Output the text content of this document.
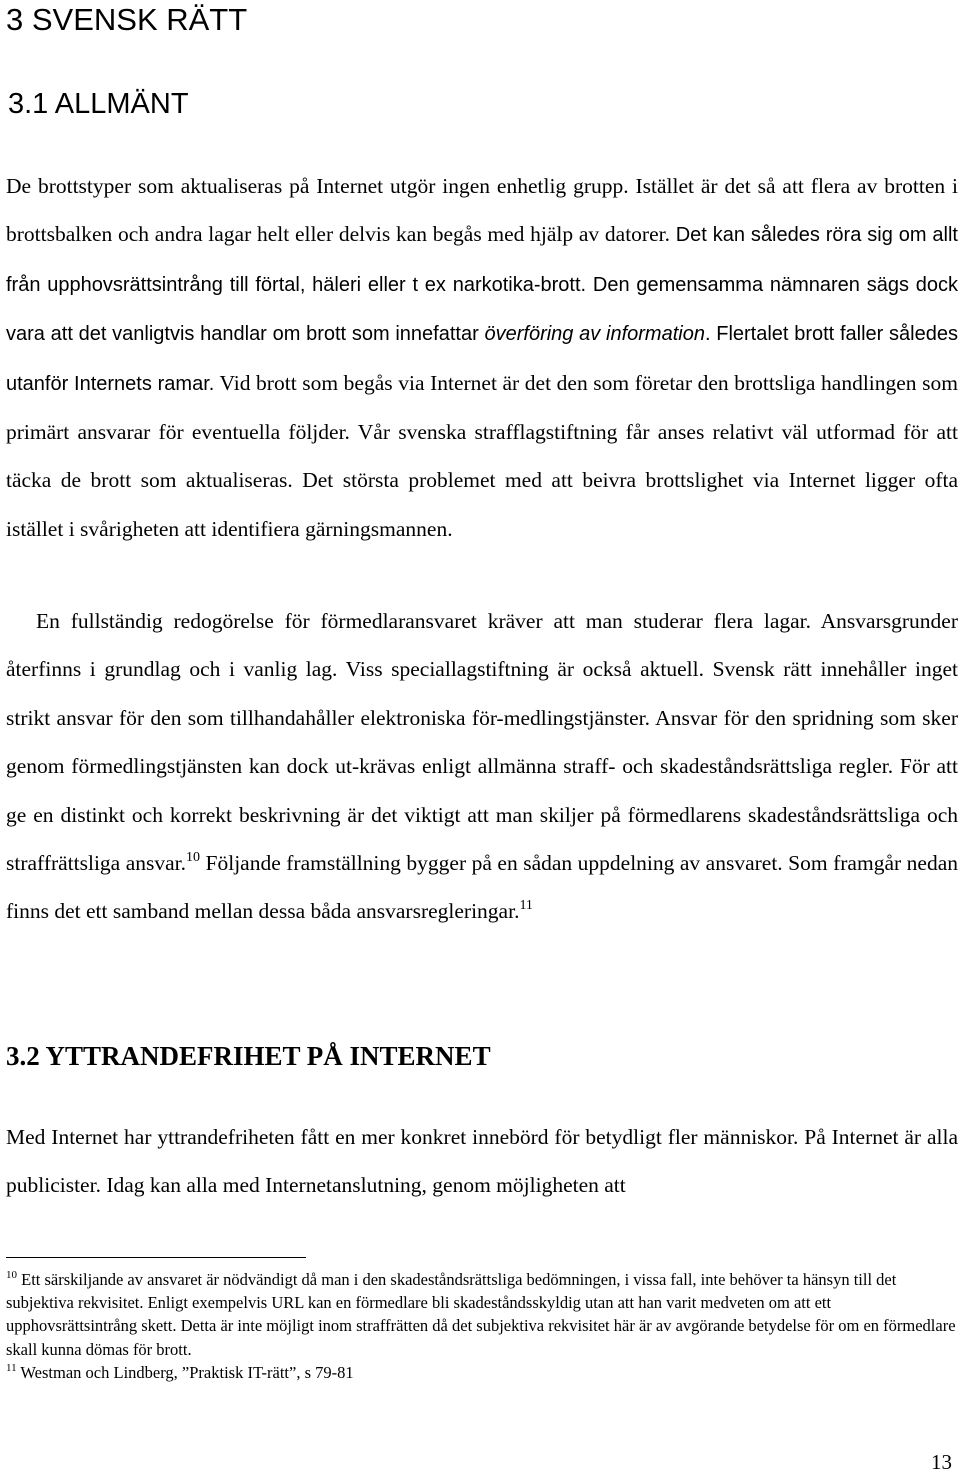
3 SVENSK RÄTT
3.1 ALLMÄNT

De brottstyper som aktualiseras på Internet utgör ingen enhetlig grupp. Istället är det så att flera av brotten i brottsbalken och andra lagar helt eller delvis kan begås med hjälp av datorer. Det kan således röra sig om allt från upphovsrättsintrång till förtal, häleri eller t ex narkotika-brott. Den gemensamma nämnaren sägs dock vara att det vanligtvis handlar om brott som innefattar överföring av information. Flertalet brott faller således utanför Internets ramar. Vid brott som begås via Internet är det den som företar den brottsliga handlingen som primärt ansvarar för eventuella följder. Vår svenska strafflagstiftning får anses relativt väl utformad för att täcka de brott som aktualiseras. Det största problemet med att beivra brottslighet via Internet ligger ofta istället i svårigheten att identifiera gärningsmannen.

En fullständig redogörelse för förmedlaransvaret kräver att man studerar flera lagar. Ansvarsgrunder återfinns i grundlag och i vanlig lag. Viss speciallagstiftning är också aktuell. Svensk rätt innehåller inget strikt ansvar för den som tillhandahåller elektroniska för-medlingstjänster. Ansvar för den spridning som sker genom förmedlingstjänsten kan dock ut-krävas enligt allmänna straff- och skadeståndsrättsliga regler. För att ge en distinkt och korrekt beskrivning är det viktigt att man skiljer på förmedlarens skadeståndsrättsliga och straffrättsliga ansvar.$^{10}$ Följande framställning bygger på en sådan uppdelning av ansvaret. Som framgår nedan finns det ett samband mellan dessa båda ansvarsregleringar.$^{11}$

3.2 YTTRANDEFRIHET PÅ INTERNET

Med Internet har yttrandefriheten fått en mer konkret innebörd för betydligt fler människor. På Internet är alla publicister. Idag kan alla med Internetanslutning, genom möjligheten att

$^{10}$ Ett särskiljande av ansvaret är nödvändigt då man i den skadeståndsrättsliga bedömningen, i vissa fall, inte behöver ta hänsyn till det subjektiva rekvisitet. Enligt exempelvis URL kan en förmedlare bli skadeståndsskyldig utan att han varit medveten om att ett upphovsrättsintrång skett. Detta är inte möjligt inom straffrätten då det subjektiva rekvisitet här är av avgörande betydelse för om en förmedlare skall kunna dömas för brott.

$^{11}$ Westman och Lindberg, ”Praktisk IT-rätt”, s 79-81

13
